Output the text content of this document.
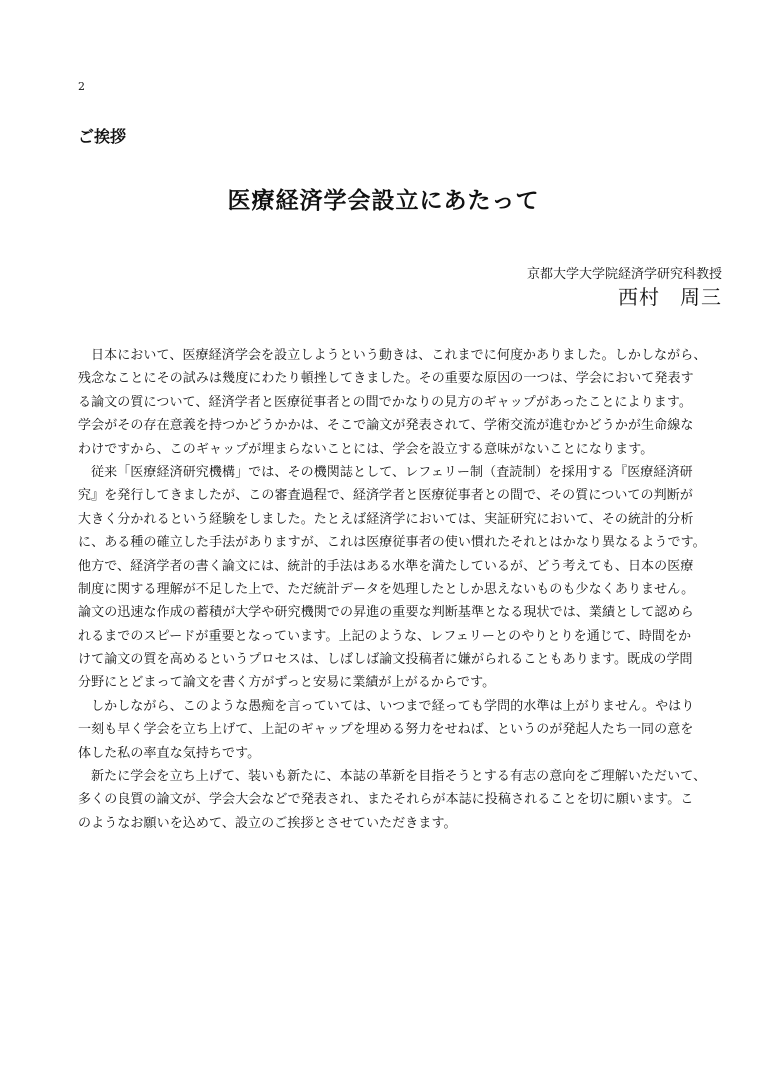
2
ご挨拶
医療経済学会設立にあたって
京都大学大学院経済学研究科教授
西村 周三
日本において、医療経済学会を設立しようという動きは、これまでに何度かありました。しかしながら、
残念なことにその試みは幾度にわたり頓挫してきました。その重要な原因の一つは、学会において発表す
る論文の質について、経済学者と医療従事者との間でかなりの見方のギャップがあったことによります。
学会がその存在意義を持つかどうかかは、そこで論文が発表されて、学術交流が進むかどうかが生命線な
わけですから、このギャップが埋まらないことには、学会を設立する意味がないことになります。
従来「医療経済研究機構」では、その機関誌として、レフェリー制（査読制）を採用する『医療経済研
究』を発行してきましたが、この審査過程で、経済学者と医療従事者との間で、その質についての判断が
大きく分かれるという経験をしました。たとえば経済学においては、実証研究において、その統計的分析
に、ある種の確立した手法がありますが、これは医療従事者の使い慣れたそれとはかなり異なるようです。
他方で、経済学者の書く論文には、統計的手法はある水準を満たしているが、どう考えても、日本の医療
制度に関する理解が不足した上で、ただ統計データを処理したとしか思えないものも少なくありません。
論文の迅速な作成の蓄積が大学や研究機関での昇進の重要な判断基準となる現状では、業績として認めら
れるまでのスピードが重要となっています。上記のような、レフェリーとのやりとりを通じて、時間をか
けて論文の質を高めるというプロセスは、しばしば論文投稿者に嫌がられることもあります。既成の学問
分野にとどまって論文を書く方がずっと安易に業績が上がるからです。
しかしながら、このような愚痴を言っていては、いつまで経っても学問的水準は上がりません。やはり
一刻も早く学会を立ち上げて、上記のギャップを埋める努力をせねば、というのが発起人たち一同の意を
体した私の率直な気持ちです。
新たに学会を立ち上げて、装いも新たに、本誌の革新を目指そうとする有志の意向をご理解いただいて、
多くの良質の論文が、学会大会などで発表され、またそれらが本誌に投稿されることを切に願います。こ
のようなお願いを込めて、設立のご挨拶とさせていただきます。
